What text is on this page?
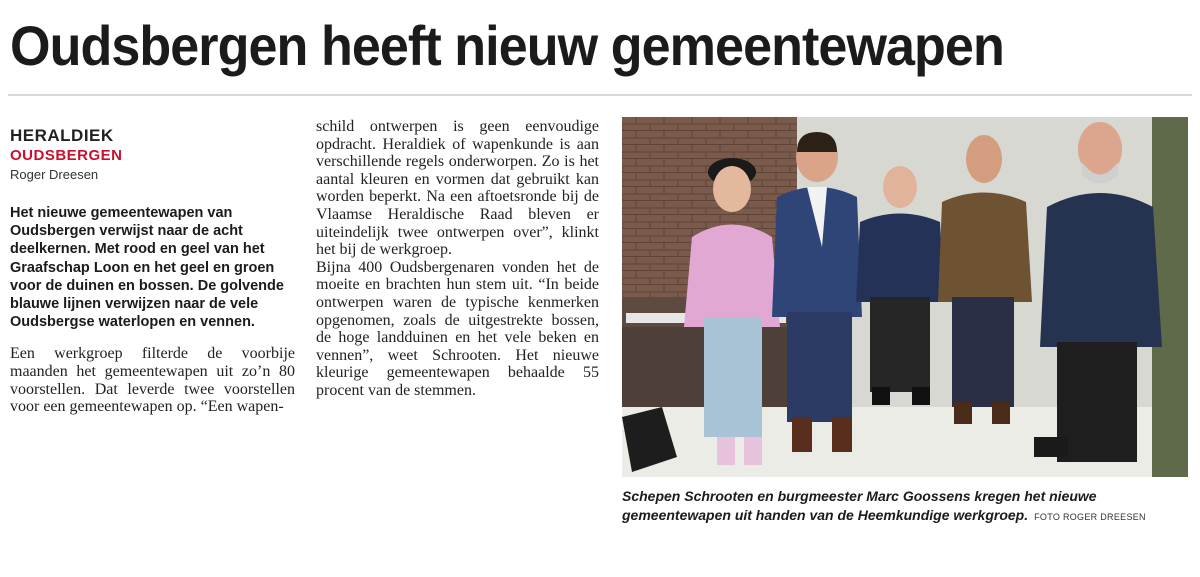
Oudsbergen heeft nieuw gemeentewapen
HERALDIEK
OUDSBERGEN
Roger Dreesen

Het nieuwe gemeentewapen van Oudsbergen verwijst naar de acht deelkernen. Met rood en geel van het Graafschap Loon en het geel en groen voor de duinen en bossen. De golvende blauwe lijnen verwijzen naar de vele Oudsbergse waterlopen en vennen.

Een werkgroep filterde de voorbije maanden het gemeentewapen uit zo’n 80 voorstellen. Dat leverde twee voorstellen voor een gemeentewapen op. “Een wapen-

schild ontwerpen is geen eenvoudige opdracht. Heraldiek of wapenkunde is aan verschillende regels onderworpen. Zo is het aantal kleuren en vormen dat gebruikt kan worden beperkt. Na een aftoetsronde bij de Vlaamse Heraldische Raad bleven er uiteindelijk twee ontwerpen over”, klinkt het bij de werkgroep.

Bijna 400 Oudsbergenaren vonden het de moeite en brachten hun stem uit. “In beide ontwerpen waren de typische kenmerken opgenomen, zoals de uitgestrekte bossen, de hoge landduinen en het vele beken en vennen”, weet Schrooten. Het nieuwe kleurige gemeentewapen behaalde 55 procent van de stemmen.

Schepen Schrooten en burgmeester Marc Goossens kregen het nieuwe gemeentewapen uit handen van de Heemkundige werkgroep. FOTO ROGER DREESEN
